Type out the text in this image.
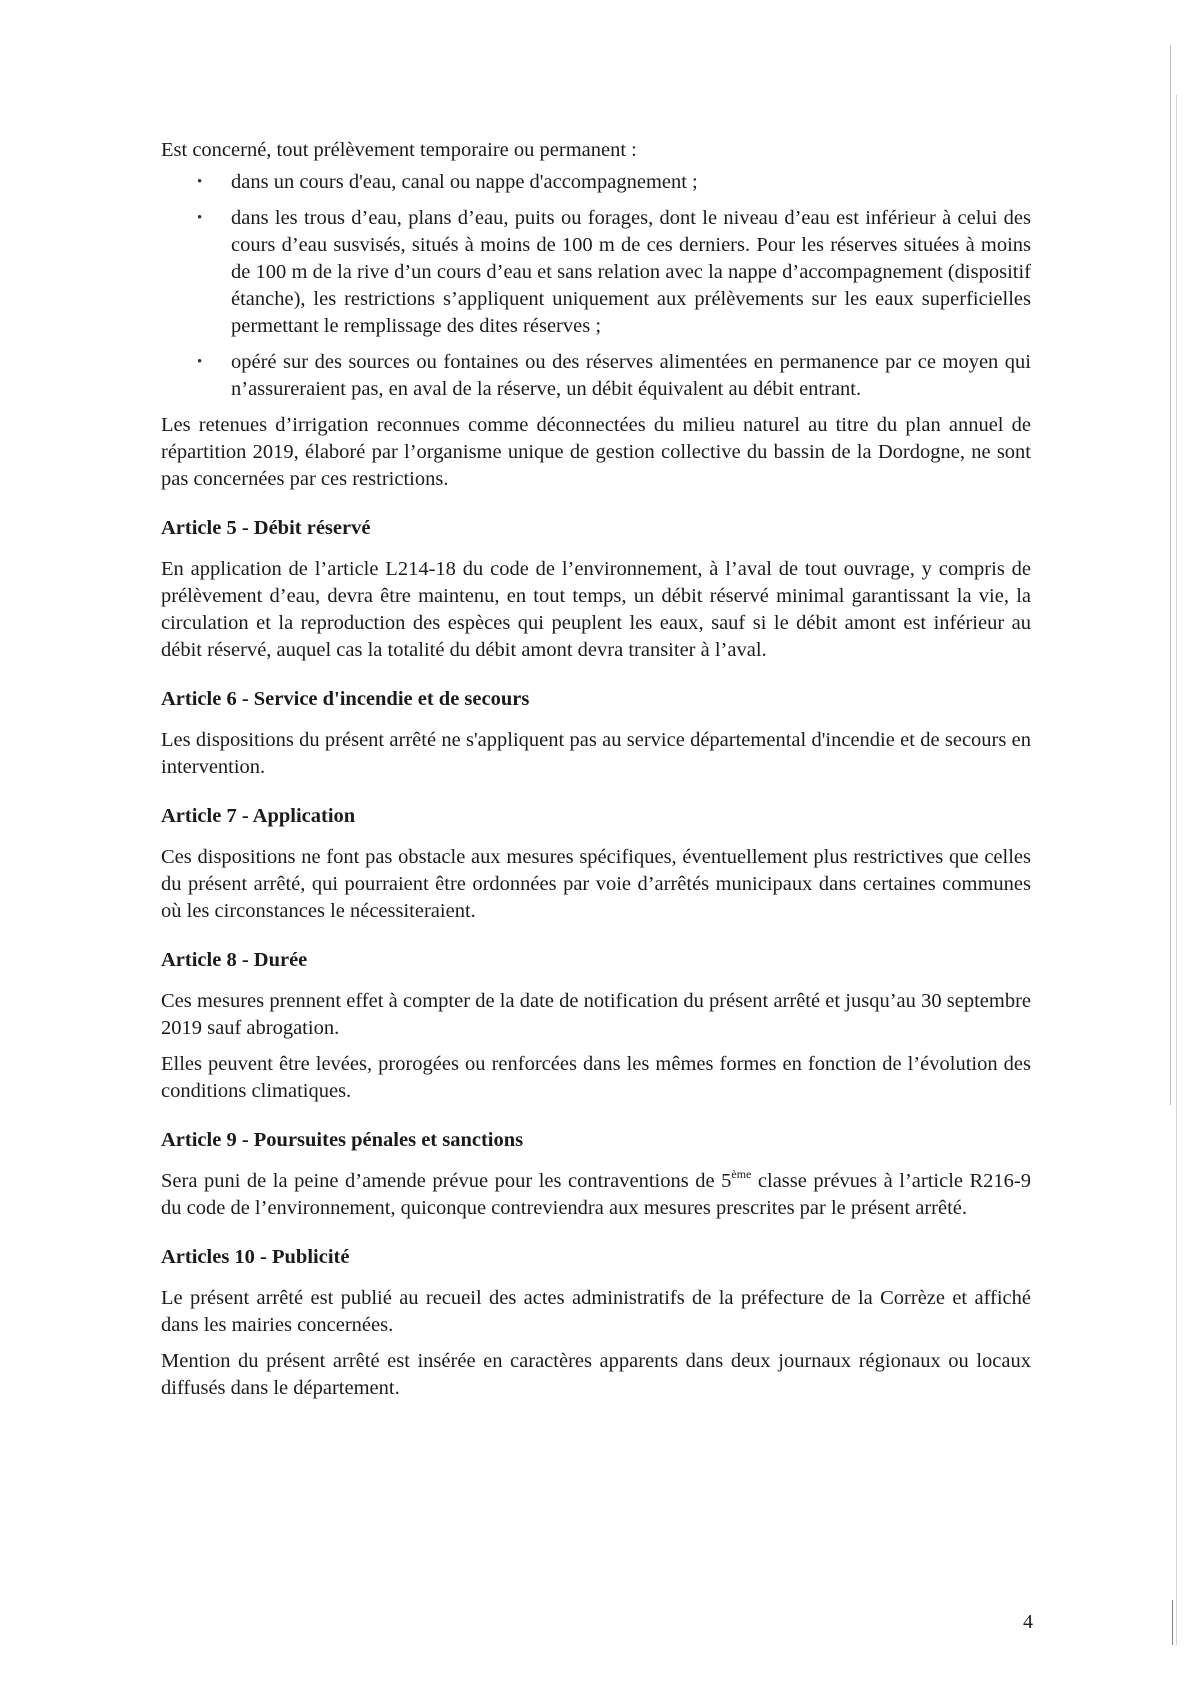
Est concerné, tout prélèvement temporaire ou permanent :

• dans un cours d'eau, canal ou nappe d'accompagnement ;
• dans les trous d’eau, plans d’eau, puits ou forages, dont le niveau d’eau est inférieur à celui des cours d’eau susvisés, situés à moins de 100 m de ces derniers. Pour les réserves situées à moins de 100 m de la rive d’un cours d’eau et sans relation avec la nappe d’accompagnement (dispositif étanche), les restrictions s’appliquent uniquement aux prélèvements sur les eaux superficielles permettant le remplissage des dites réserves ;
• opéré sur des sources ou fontaines ou des réserves alimentées en permanence par ce moyen qui n’assureraient pas, en aval de la réserve, un débit équivalent au débit entrant.

Les retenues d’irrigation reconnues comme déconnectées du milieu naturel au titre du plan annuel de répartition 2019, élaboré par l’organisme unique de gestion collective du bassin de la Dordogne, ne sont pas concernées par ces restrictions.

Article 5 - Débit réservé

En application de l’article L214-18 du code de l’environnement, à l’aval de tout ouvrage, y compris de prélèvement d’eau, devra être maintenu, en tout temps, un débit réservé minimal garantissant la vie, la circulation et la reproduction des espèces qui peuplent les eaux, sauf si le débit amont est inférieur au débit réservé, auquel cas la totalité du débit amont devra transiter à l’aval.

Article 6 - Service d'incendie et de secours

Les dispositions du présent arrêté ne s'appliquent pas au service départemental d'incendie et de secours en intervention.

Article 7 - Application

Ces dispositions ne font pas obstacle aux mesures spécifiques, éventuellement plus restrictives que celles du présent arrêté, qui pourraient être ordonnées par voie d’arrêtés municipaux dans certaines communes où les circonstances le nécessiteraient.

Article 8 - Durée

Ces mesures prennent effet à compter de la date de notification du présent arrêté et jusqu’au 30 septembre 2019 sauf abrogation.

Elles peuvent être levées, prorogées ou renforcées dans les mêmes formes en fonction de l’évolution des conditions climatiques.

Article 9 - Poursuites pénales et sanctions

Sera puni de la peine d’amende prévue pour les contraventions de 5ème classe prévues à l’article R216-9 du code de l’environnement, quiconque contreviendra aux mesures prescrites par le présent arrêté.

Articles 10 - Publicité

Le présent arrêté est publié au recueil des actes administratifs de la préfecture de la Corrèze et affiché dans les mairies concernées.

Mention du présent arrêté est insérée en caractères apparents dans deux journaux régionaux ou locaux diffusés dans le département.

4
